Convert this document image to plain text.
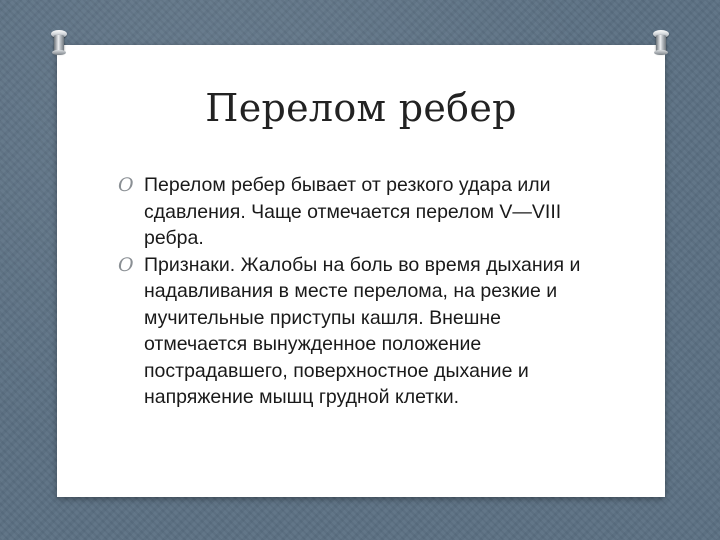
Перелом ребер
O Перелом ребер бывает от резкого удара или сдавления. Чаще отмечается перелом V—VIII ребра.
O Признаки. Жалобы на боль во время дыхания и надавливания в месте перелома, на резкие и мучительные приступы кашля. Внешне отмечается вынужденное положение пострадавшего, поверхностное дыхание и напряжение мышц грудной клетки.
